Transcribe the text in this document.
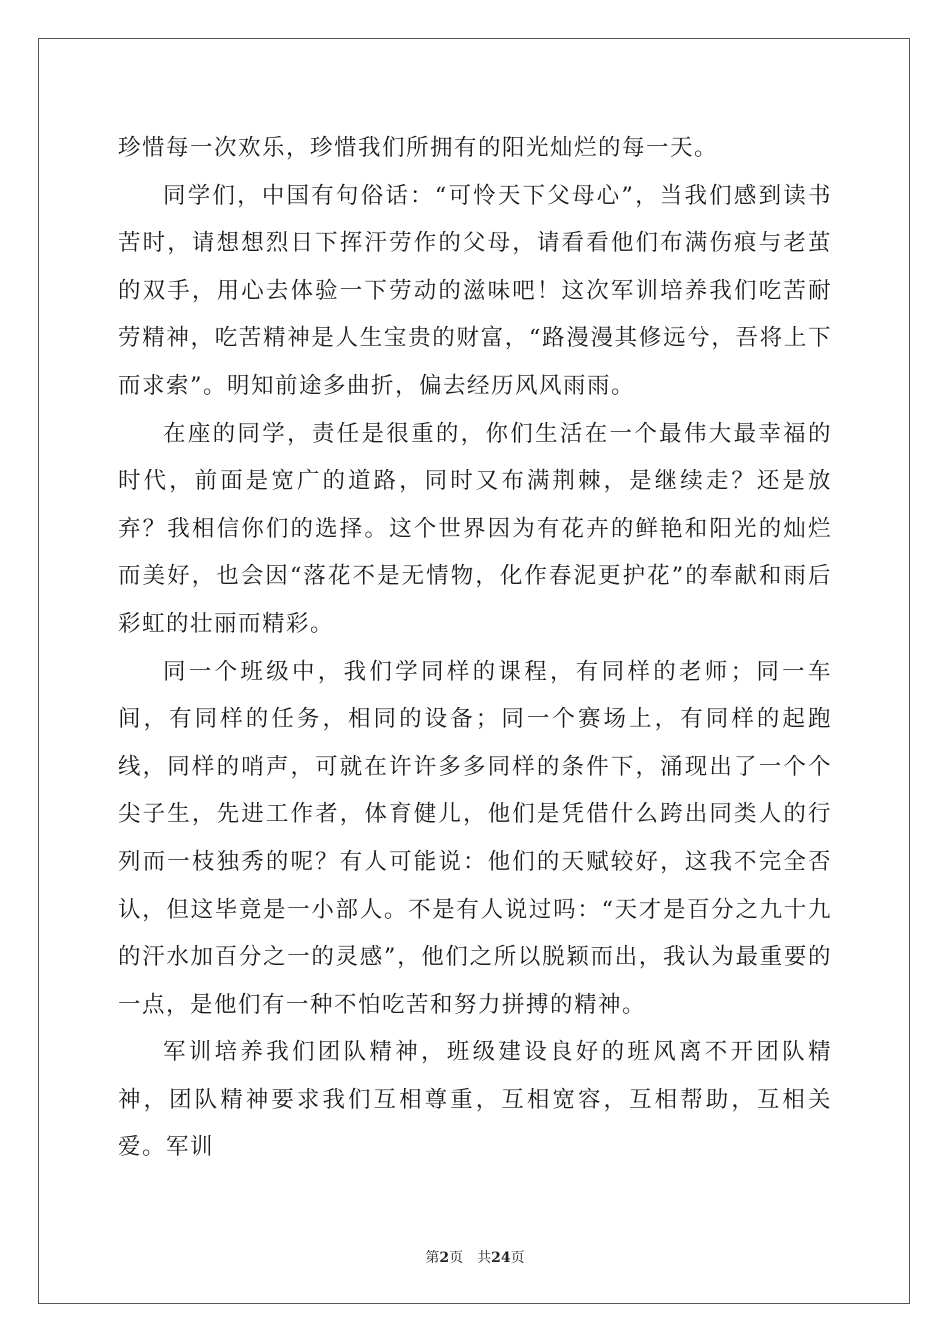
珍惜每一次欢乐，珍惜我们所拥有的阳光灿烂的每一天。

同学们，中国有句俗话：“可怜天下父母心”，当我们感到读书苦时，请想想烈日下挥汗劳作的父母，请看看他们布满伤痕与老茧的双手，用心去体验一下劳动的滋味吧！这次军训培养我们吃苦耐劳精神，吃苦精神是人生宝贵的财富，“路漫漫其修远兮，吾将上下而求索”。明知前途多曲折，偏去经历风风雨雨。

在座的同学，责任是很重的，你们生活在一个最伟大最幸福的时代，前面是宽广的道路，同时又布满荆棘，是继续走？还是放弃？我相信你们的选择。这个世界因为有花卉的鲜艳和阳光的灿烂而美好，也会因“落花不是无情物，化作春泥更护花”的奉献和雨后彩虹的壮丽而精彩。

同一个班级中，我们学同样的课程，有同样的老师；同一车间，有同样的任务，相同的设备；同一个赛场上，有同样的起跑线，同样的哨声，可就在许许多多同样的条件下，涌现出了一个个尖子生，先进工作者，体育健儿，他们是凭借什么跨出同类人的行列而一枝独秀的呢？有人可能说：他们的天赋较好，这我不完全否认，但这毕竟是一小部人。不是有人说过吗：“天才是百分之九十九的汗水加百分之一的灵感”，他们之所以脱颖而出，我认为最重要的一点，是他们有一种不怕吃苦和努力拼搏的精神。

军训培养我们团队精神，班级建设良好的班风离不开团队精神，团队精神要求我们互相尊重，互相宽容，互相帮助，互相关爱。军训

第2页 共24页
